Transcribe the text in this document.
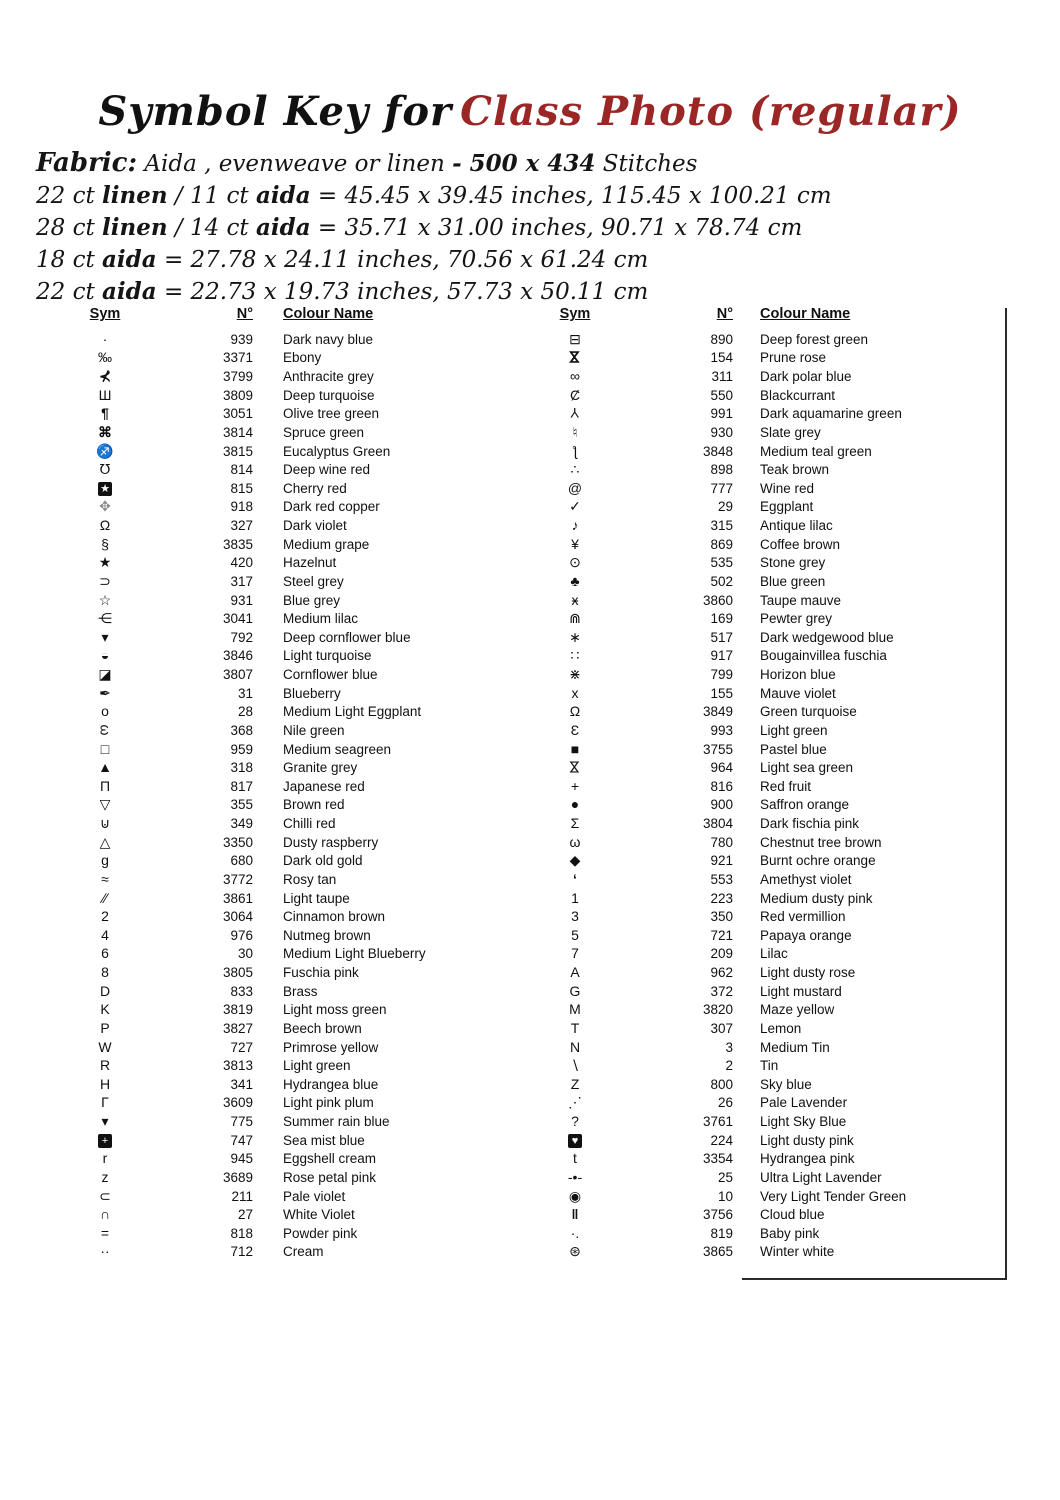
Symbol Key for Class Photo (regular)
Fabric: Aida , evenweave or linen - 500 x 434 Stitches
22 ct linen / 11 ct aida = 45.45 x 39.45 inches, 115.45 x 100.21 cm
28 ct linen / 14 ct aida = 35.71 x 31.00 inches, 90.71 x 78.74 cm
18 ct aida = 27.78 x 24.11 inches, 70.56 x 61.24 cm
22 ct aida = 22.73 x 19.73 inches, 57.73 x 50.11 cm
Sym	N°	Colour Name
·	939	Dark navy blue
‰	3371	Ebony
⊀	3799	Anthracite grey
Ш	3809	Deep turquoise
¶	3051	Olive tree green
⌘	3814	Spruce green
♐	3815	Eucalyptus Green
℧	814	Deep wine red
★	815	Cherry red
✥	918	Dark red copper
Ω	327	Dark violet
§	3835	Medium grape
★	420	Hazelnut
⊃	317	Steel grey
☆	931	Blue grey
⋲	3041	Medium lilac
▾	792	Deep cornflower blue
◒	3846	Light turquoise
◪	3807	Cornflower blue
✒	31	Blueberry
o	28	Medium Light Eggplant
ω	368	Nile green
□	959	Medium seagreen
▲	318	Granite grey
Π	817	Japanese red
▽	355	Brown red
⊍	349	Chilli red
△	3350	Dusty raspberry
g	680	Dark old gold
≈	3772	Rosy tan
∕∕	3861	Light taupe
2	3064	Cinnamon brown
4	976	Nutmeg brown
6	30	Medium Light Blueberry
8	3805	Fuschia pink
D	833	Brass
K	3819	Light moss green
P	3827	Beech brown
W	727	Primrose yellow
R	3813	Light green
H	341	Hydrangea blue
Γ	3609	Light pink plum
▾	775	Summer rain blue
+	747	Sea mist blue
r	945	Eggshell cream
z	3689	Rose petal pink
⊂	211	Pale violet
∩	27	White Violet
=	818	Powder pink
··	712	Cream
Sym	N°	Colour Name
⊟	890	Deep forest green
⋈	154	Prune rose
∞	311	Dark polar blue
Ȼ	550	Blackcurrant
Y	991	Dark aquamarine green
♮	930	Slate grey
ƪ	3848	Medium teal green
∴	898	Teak brown
@	777	Wine red
✓	29	Eggplant
♪	315	Antique lilac
¥	869	Coffee brown
⊙	535	Stone grey
♣	502	Blue green
ӿ	3860	Taupe mauve
⋒	169	Pewter grey
∗	517	Dark wedgewood blue
∷	917	Bougainvillea fuschia
⋇	799	Horizon blue
x	155	Mauve violet
Ω	3849	Green turquoise
Ɛ	993	Light green
■	3755	Pastel blue
⋈	964	Light sea green
+	816	Red fruit
●	900	Saffron orange
Σ	3804	Dark fischia pink
ω	780	Chestnut tree brown
◆	921	Burnt ochre orange
ʻ	553	Amethyst violet
1	223	Medium dusty pink
3	350	Red vermillion
5	721	Papaya orange
7	209	Lilac
A	962	Light dusty rose
G	372	Light mustard
M	3820	Maze yellow
T	307	Lemon
N	3	Medium Tin
∖	2	Tin
Z	800	Sky blue
⋰	26	Pale Lavender
?	3761	Light Sky Blue
♥	224	Light dusty pink
t	3354	Hydrangea pink
-•-	25	Ultra Light Lavender
◉	10	Very Light Tender Green
ǁ	3756	Cloud blue
·.	819	Baby pink
⊛	3865	Winter white
